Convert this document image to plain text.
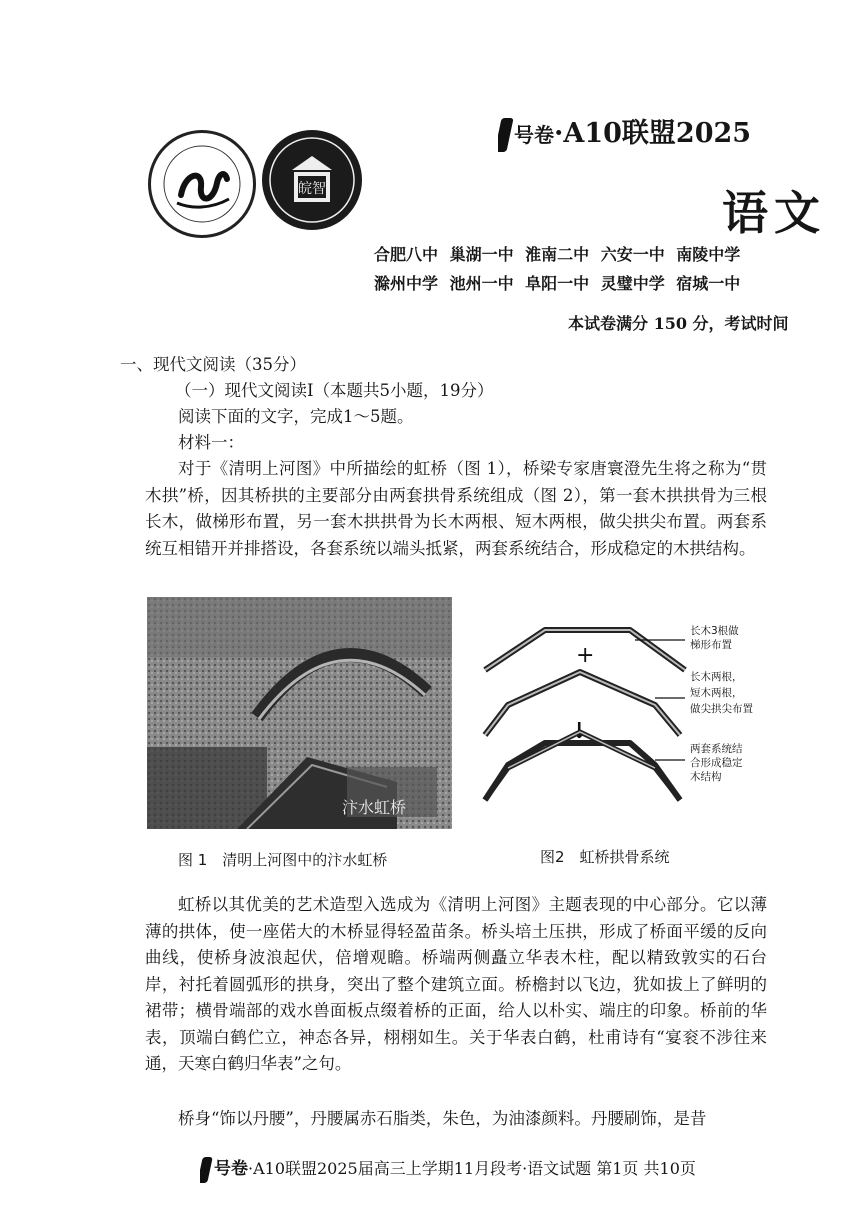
皖智
号卷·A10联盟2025
语文
合肥八中 巢湖一中 淮南二中 六安一中 南陵中学
滁州中学 池州一中 阜阳一中 灵璧中学 宿城一中
本试卷满分 150 分，考试时间
一、现代文阅读（35分）
（一）现代文阅读Ⅰ（本题共5小题，19分）
阅读下面的文字，完成1～5题。
材料一：

对于《清明上河图》中所描绘的虹桥（图 1），桥梁专家唐寰澄先生将之称为“贯木拱”桥，因其桥拱的主要部分由两套拱骨系统组成（图 2），第一套木拱拱骨为三根长木，做梯形布置，另一套木拱拱骨为长木两根、短木两根，做尖拱尖布置。两套系统互相错开并排搭设，各套系统以端头抵紧，两套系统结合，形成稳定的木拱结构。

汴水虹桥
长木3根做
梯形布置
+
长木两根，
短木两根，
做尖拱尖布置
↓
两套系统结
合形成稳定
木结构
图 1　清明上河图中的汴水虹桥	图2　虹桥拱骨系统

虹桥以其优美的艺术造型入选成为《清明上河图》主题表现的中心部分。它以薄薄的拱体，使一座偌大的木桥显得轻盈苗条。桥头培土压拱，形成了桥面平缓的反向曲线，使桥身波浪起伏，倍增观瞻。桥端两侧矗立华表木柱，配以精致敦实的石台岸，衬托着圆弧形的拱身，突出了整个建筑立面。桥檐封以飞边，犹如拔上了鲜明的裙带；横骨端部的戏水兽面板点缀着桥的正面，给人以朴实、端庄的印象。桥前的华表，顶端白鹤伫立，神态各异，栩栩如生。关于华表白鹤，杜甫诗有“宴衮不涉往来通，天寒白鹤归华表”之句。

桥身“饰以丹腰”，丹腰属赤石脂类，朱色，为油漆颜料。丹腰刷饰，是昔
号卷·A10联盟2025届高三上学期11月段考·语文试题 第1页 共10页
